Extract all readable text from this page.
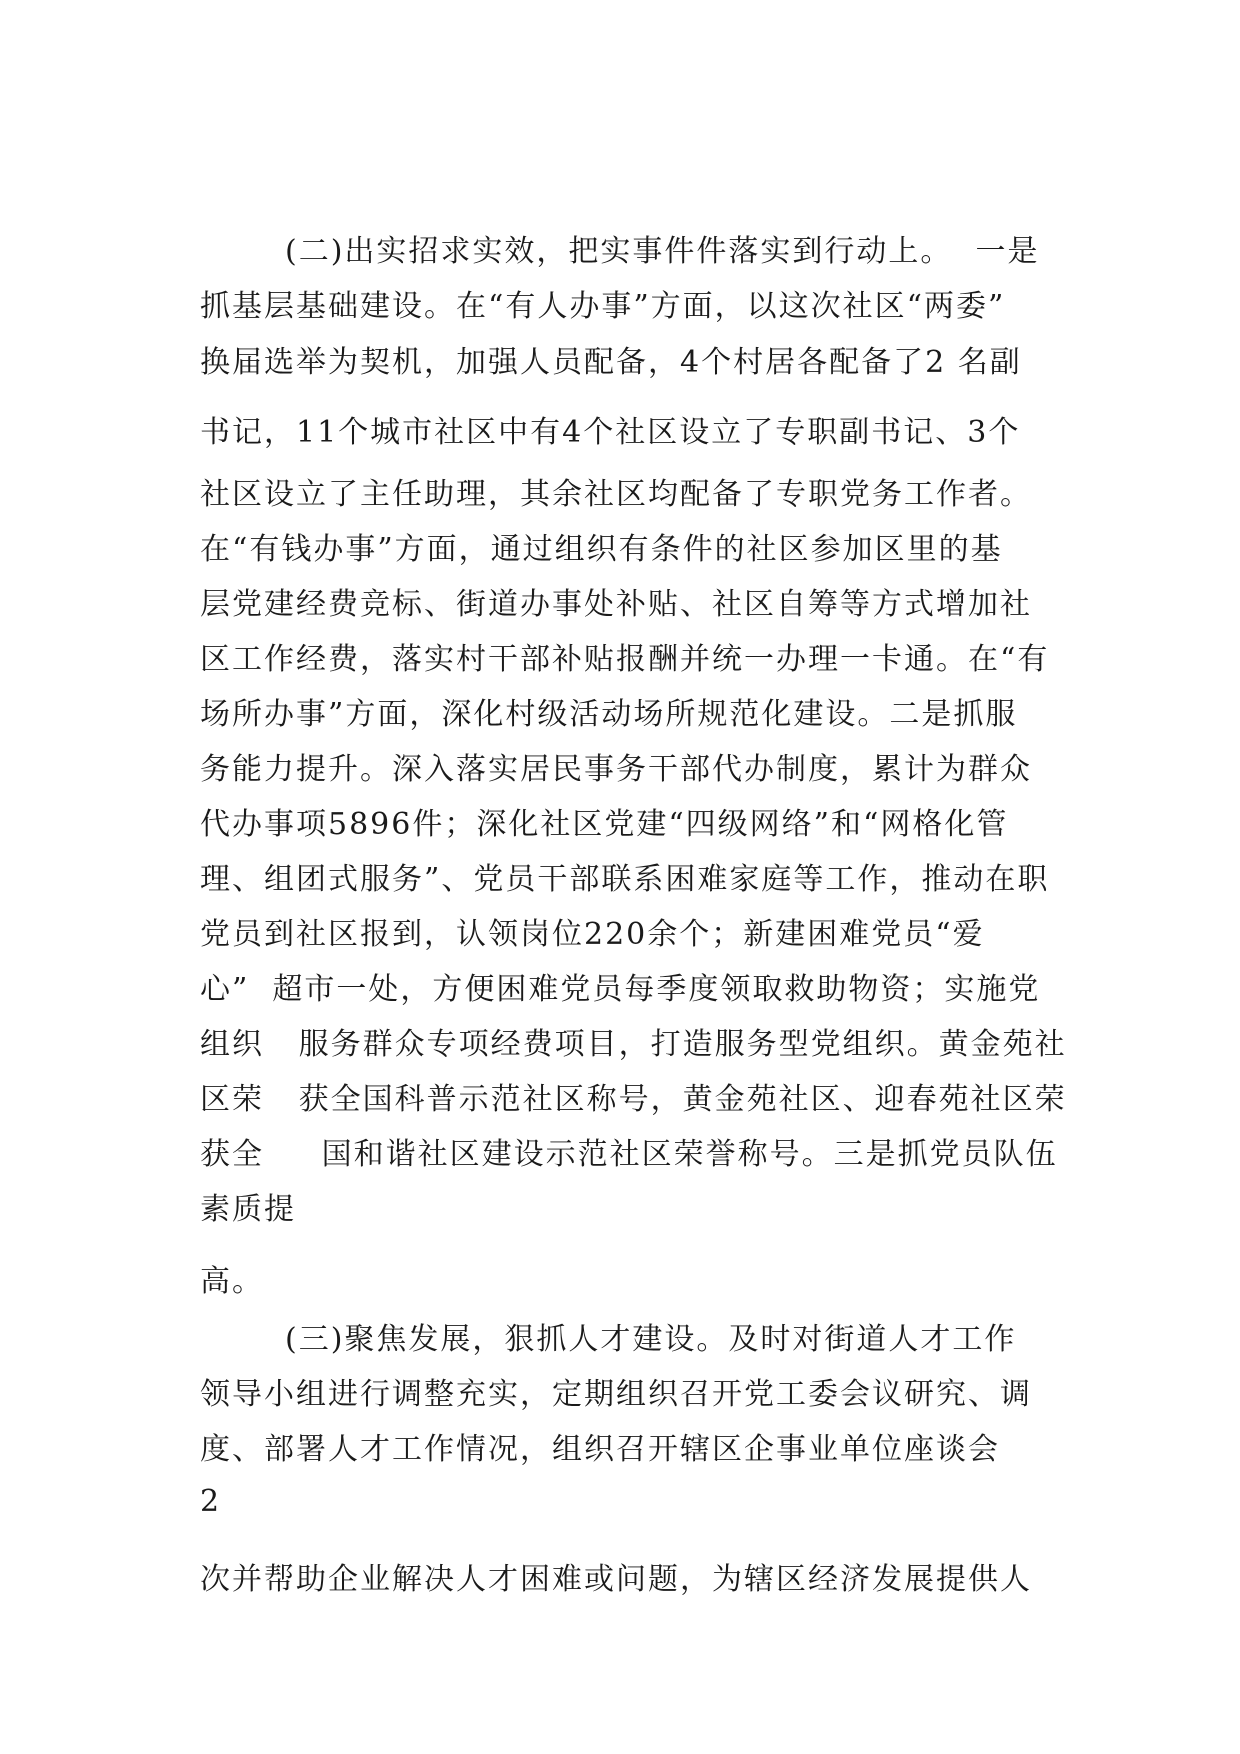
(二)出实招求实效，把实事件件落实到行动上。  一是
抓基层基础建设。在“有人办事”方面，以这次社区“两委”
换届选举为契机，加强人员配备，4个村居各配备了2 名副
书记，11个城市社区中有4个社区设立了专职副书记、3个
社区设立了主任助理，其余社区均配备了专职党务工作者。
在“有钱办事”方面，通过组织有条件的社区参加区里的基
层党建经费竞标、街道办事处补贴、社区自筹等方式增加社
区工作经费，落实村干部补贴报酬并统一办理一卡通。在“有
场所办事”方面，深化村级活动场所规范化建设。二是抓服
务能力提升。深入落实居民事务干部代办制度，累计为群众
代办事项5896件；深化社区党建“四级网络”和“网格化管
理、组团式服务”、党员干部联系困难家庭等工作，推动在职
党员到社区报到，认领岗位220余个；新建困难党员“爱
心”  超市一处，方便困难党员每季度领取救助物资；实施党
组织   服务群众专项经费项目，打造服务型党组织。黄金苑社
区荣   获全国科普示范社区称号，黄金苑社区、迎春苑社区荣
获全     国和谐社区建设示范社区荣誉称号。三是抓党员队伍
素质提
高。
(三)聚焦发展，狠抓人才建设。及时对街道人才工作
领导小组进行调整充实，定期组织召开党工委会议研究、调
度、部署人才工作情况，组织召开辖区企事业单位座谈会
2
次并帮助企业解决人才困难或问题，为辖区经济发展提供人
